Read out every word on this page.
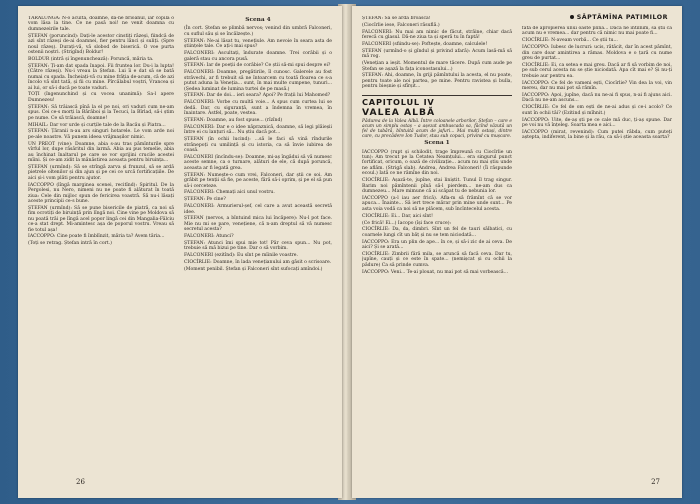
TĂRĂLUNGA: N-o aculta, doamne, dă-ne brioanul, iar copila o vom lăsa la tine. Ce ne pasă noi! ne venit doamna cu dumnezeirile tale.

ȘTEFAN (poruncind): Dați-le acestor cinstiți răzeși, fiindcă de azi sînt răzeși de-ai doamnei, fier pentru lănci și suliți. (Spre noul răzeș). Durați-vă, vă slobod de biserică. O voe purta ostenii noștri. (Strigînd) Boldur!

BOLDUR (intră și îngenunchează): Poruncă, măria ta.

ȘTEFAN: Ți-am dat spada înapoi. Fii fruntea lor. Du-i la lupta! (Către răzeși). Nu-i vreau la Ștefan. Lui îi e dat să se bată numai cu spada. Încheiați-vă cu mine frăția de-acum, că de azi încolo vă sînt tată, și fii cu mine. Pîrcălabul voștri, Vrancea și ai lui, or să-i ducă pe toate vaduri.

TOȚI (îngenunchind și cu vocea unanimă): Sa-l apere Dumnezeu!

ȘTEFAN: Să trăiască pînă la el pe noi, ori vaduri cum ne-am spus. Cei ce-s morți la Bărăboi și la Tecuci, la Bîrlad, să-i știm pe nume. Ce să trăiască, doamne!

MIHAIL: Dar vor urde și curțile tale de la Bacău și Piatra...

ȘTEFAN: Țăranii n-au ars singuri hotarele. Le vom arde noi pe-ale noastre. Vă punem ideea vrăjmașilor nimic.

UN PREOT (vine): Doamne, abia s-au tras pămînturile spre vîrful lor, dupe răsăritul din larmă. Abia au pus temelie, abia au închinat înaltarul pe care se vor sprijini crucile acestei mîini. Și ce-am zidit la mănăstirea aceasta pentru biruința...

ȘTEFAN (urmînd): Să se strîngă zarva și frunzul, să se ardă pietrele oltenilor și din ajun și pe cei ce urcă fortificațiile. De aici și-i vom plăti pentru ajutor.

IACCOPPO (lîngă marginea scenei, recitînd): Spiritul. De la Pergolesi, nu Nero, nimeni nu ne poate fi alăturat în toată ziua: Cele din mijloc spun de fericirea voastră. Să nu-i lăsați aceste principii ce-s bune.

ȘTEFAN (urmînd): Să se pune bisericile de piatră, ca noi să fim ocrotiți de biruință prin lîngă noi. Cine vine pe Moldova să nu poată trăi pe lîngă acel popor lingă cei din Mangalia-Fălciu ce-a stat drept. Mi-amintesc așa de poporul vostru. Vreau să fie totul așa!

IACCOPPO: Cine poate fi îmblînzit, măria ta? Avem tăria...

(Toți se retrag. Ștefan intră în cort.)

Scena 4

(În cort. Ștefan se plimbă nervos; venind din umbră Falconeri, cu suflul său și se încălzește.)

ȘTEFAN: Ne-ai lăsat tu, venețiule. Am nevoie în seara asta de științele tale. Ce ați-i mai spus?

FALCONERI: Ascultați, îndurate doamne. Trei corăbii și o galeră stau cu ancora pusă.

ȘTEFAN: Iar de poeții de corăbie? Ce știi să-mi spui despre ei?

FALCONERI: Doamne, pregătirile, îl cunosc. Galerele au fost străvechi, ar fi trebuit să ne întoarcem cu toată floarea ce s-a putut aduna la Veneția... sunt, în mai multe cumpene, tunuri... (Ședea luminat de lumina turtei de pe masă.)

ȘTEFAN: Dar de doi... ieri seara? Apoi? Pe frații lui Mahomed?

FALCONERI: Vorbe cu multă voie... A spus cum curtea lui se dedă. Dar, cu siguranță, sunt a îndemna în vremea, în înaintare. Astfel, poate, vestea.

ȘTEFAN: Doamne, au fost spuse... (rîzînd)

FALCONERI: Dar e o idee năpraznică, doamne, să legi plăieșii între ei cu lanțuri să... Nu știu dacă pot...

ȘTEFAN (în ochii lucind): ...să le faci să vină rîndurile strănepoți cu umilință și cu istoria, ca să învie iubirea de coasă.

FALCONERI (încîndu-se): Doamne, mi-aș îngădui să vă numesc aceste semne, ca o turnare, alături de ele, că după poruncă, aceasta ar fi legată grea.

ȘTEFAN: Numește-o cum vrei, Falconeri, dar știi ce soi. Am grăbit pe tenții să fie, pe aceste, fără să-i oprim, și pe el să pun să-i cerceteze.

FALCONERI: Chemați aici unul vostru.

ȘTEFAN: Pe cine?

FALCONERI: Armurierul-șef, cel care a avut această secretă idee.

ȘTEFAN (nervos, a bîntuind mica lui încăpere): Nu-l pot face. Mie nu mi se pare, venețiene, că n-am dreptul să vă numesc secretul acesta?

FALCONERI: Atunci?

ȘTEFAN: Atunci îmi spui mie tot! Păr ceva spun... Nu pot, trebuie să mă bizui pe tine. Dar o să vorbim.

FALCONERI (ezitînd): Eu sînt pe mîinile voastre.

CIOCÎRLIE: Doamne, în lada venețianului am găsit o scrisoare.

(Moment penibil. Ștefan și Falconeri sînt sufocați amîndoi.)

26
SĂPTĂMÎNA PATIMILOR

ȘTEFAN: Să se ardă broasca!

(Ciocîrlie iese, Falconeri răsuflă.)

FALCONERI: Nu mai am nimic de făcut, străine, chiar dacă ferecă cu glasul. Dă-ne ziua ta și speră tu în faptă!

FALCONERI (sfiindu-se): Poftește, doamne, calculele!

ȘTEFAN (urmînd-o și gîndul și privind afară): Acum lasă-mă să mă rog.

(Venețian a ieșit. Momentul de mare tăcere. După cum aude pe Ștefan se așază la fața iconostasului...)

ȘTEFAN: Ahi, doamne, în griji pămîntului la acesta, el nu poate, pentru toate ale noi partea, pe mine. Pentru ravistea și bulla, pentru bieșnie și sfîrșit...

CAPITOLUL IV
VALEA ALBĂ
Pădurea de la Valea Albă. Între coloanele arborilor, Ștefan – care e acum un simplu ostaș – a așezat ambuscada sa, făcînd văzută un fel de tabără, bîntuită acum de jafuri... Mai mulți ostași, dintre care, cu precădere Ion Tudor, stau sub copaci, privind cu mușcare.
Scena 1

IACCOPPO (rupt și schilodit, trage împreună cu Ciocîrlie un tun): Am trecut pe la Cetatea Neamțului... era singurul punct fortificat, oricum, o oază de civilizație... acum nu mai știu unde ne aflăm. (Strigă slab). Andrea, Andrea Falconeri! (Îi răspunde ecoul.) Iată ce ne rămîne din noi.

CIOCÎRLIE: Așază-te, jupîne, stai liniștit. Tunul îl trag singur. Barim noi pămîntenii pînă să-l pierdem... ne-am dus ca dumnezeu... Mare mimune că ai scăpat tu de nebunia lor.

IACCOPPO (a-l iau aer frică). Afla-m să frămînt că se vor apuca... Înainte... Să iert trece mărar prin mine unde sunt... Pe asta voia vodă ca noi să ne plăcem, sub încîntecelul acesta.

CIOCÎRLIE: Ei... Dar, aici sînt!

(Ce frică! Ei...) Iacopo (își face cruce):

CIOCÎRLIE: Da, da, dimbri. Sînt un fel de tauri sălbatici, cu coarnele lungi cît un băț și nu se tem niciodată...

IACCOPPO: Era un plin de ape... în ce, și să-i zic de ai ceva. De aici? Și se arată...

CIOCÎRLIE: Zimbrii fără mila, se aruncă să facă ceva. Dar tu, jupîne, cauți și ce este în spate... (nemișcat și cu ochii la pădure) Ca să prinde cumva.

IACCOPPO: Veni... Te-ai plouat, nu mai pot să mai vorbească...

fată de apropierea unui oaste plină... Dacă ne întîlnim, să știi că acum nu e vremea... dar pentru că nimic nu mai poate fi...

CIOCÎRLIE: N-aveam vorbă... Ce știi tu...

IACCOPPO: Iubesc de lucruri: ucis, rătăcit, dar în acest pămînt, din care doar amintirea a rămas. Moldova e o țară cu nume greu de purtat...

CIOCÎRLIE: Ei, ca setea e mai greu. Dacă ar fi să vorbim de noi, pe sub cerul acesta nu se știe niciodată. Apa cît mai e? Și nu-ți trebuie aur pentru ea.

IACCOPPO: Ce fel de vameni ești, Ciocîrlie? Vin dea la voi, vin mereu, dar nu mai pot să rămîn.

IACCOPPO: Apoi, jupîne, dacă nu ne-ai fi spus, n-ai fi ajuns aici. Dacă nu ne-am ascuns...

CIOCÎRLIE: Ce fel de om ești de ne-ai adus și ce-i acolo? Ce sunt în ochii tăi? (Ezitind și mîhnit.)

IACCOPPO: Uite, de-aș ști pe ce cale mă duc, ți-aș spune. Dar pe voi nu vă înțeleg. Soarta mea e aici...

IACCOPPO (mirat, revenind): Cum putei răbda, cum puteți aștepta, indiferent, la bine și la rău, ca să-i știe aceasta soarta?

27
